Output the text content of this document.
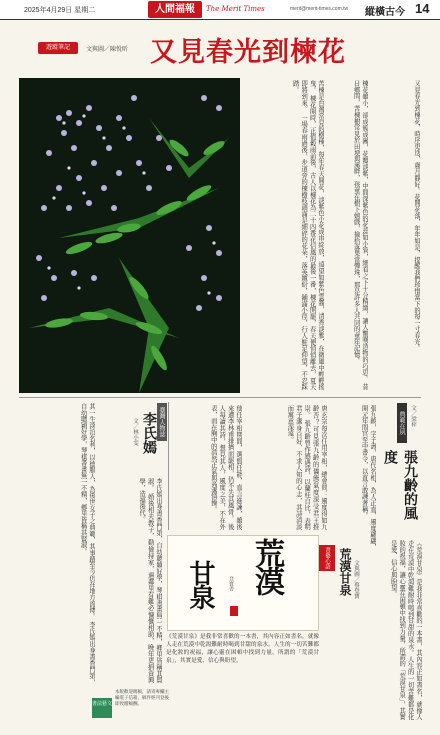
2025年4月29日 星期二	人間福報	The Merit Times	merit@merit-times.com.tw 縱橫古今 14
遊蹤筆記	文與圖／陳悅昕 又見春光到楝花
苦楝是台灣常見的樹種，每年春天開花，淡紫色小花成串綻放，遠望如紫色雲霧，清香淡雅，在微風中輕輕搖曳。 楝花開時，正值穀雨前後，古人以楝花為二十四番花信風的最後一番，楝花開罷，春天便悄悄離去，夏天即將到來。 一場春雨過後，步道旁的楝樹枝頭滿是細碎的花朵，落英繽紛，鋪滿小徑，行人駐足仰望，不忍踩踏。	楝花雖小，卻成簇成團，花瓣淡紫，中間深紫色的花蕊如小管，細看之下十分精緻，讓人驚嘆造物的巧思。 昔日鄉間，苦楝樹常見於田埂與溪畔，孩童在樹下嬉戲，撿拾落果當彈珠，那是許多人共同的童年記憶。	又見春光到楝花，時序更迭，歲月靜好。花開花落，年年如是，提醒我們珍惜當下的每一寸春光。
典範在夙 文／梁梓
張九齡的風度
張九齡，字子壽，唐代名相，為人正直，風度翩翩，開元年間官至中書令，以直言敢諫著稱。
唐玄宗每次任用宰相，總會問：風度得如九齡否？可見張九齡的儀態氣度深受君王推崇。 張九齡曾作感遇詩，以蘭桂自比，表明君子潔身自好、不求人知的心志，其詩清淡而寓意深遠。
他任宰相期間，選賢任能，直言進諫，雖後來遭李林甫排擠而罷相，仍不失其風骨。 後人每讀其詩，想見其人，風度之美，不在外表，而在胸中的浩然正氣與高潔情操。
臺灣人物誌
李氏嫣
文／林小雯
李氏嫣出身書香門第，自幼聰穎好學，琴棋書畫無一不精，鄉里皆稱其賢淑。 婚後相夫教子，勤儉持家，遇鄰里有難必慷慨相助，晚年更捐資興學，造福後代。
其一生淡泊名利，以德服人，為後世女子之典範，其事蹟至今仍在地方流傳。 李氏嫣出身書香門第，自幼聰穎好學，琴棋書畫無一不精，鄉里皆稱其賢淑。
荒漠
甘泉	登寶書
《荒漠甘泉》是我非常喜歡的一本書，其內容正如書名，就像人走在荒漠中乾渴難耐時喝到甘甜的泉水。人生的一切苦難都是化妝的祝福，讓心靈在困頓中找到力量，所謂的「荒漠甘泉」，其實是愛、信心與盼望。
書藝心語 荒漠甘泉 文與圖／蔡登寶	《荒漠甘泉》是我非常喜歡的一本書，其內容正如書名，就像人走在荒漠中乾渴難耐時喝到甘甜的泉水。人生的一切苦難都是化妝的祝福，讓心靈在困頓中找到力量，所謂的「荒漠甘泉」，其實是愛、信心與盼望。
書法藝文
本版歡迎賜稿，請寄專欄主編電子信箱，稿件經刊登後即致贈稿酬。
